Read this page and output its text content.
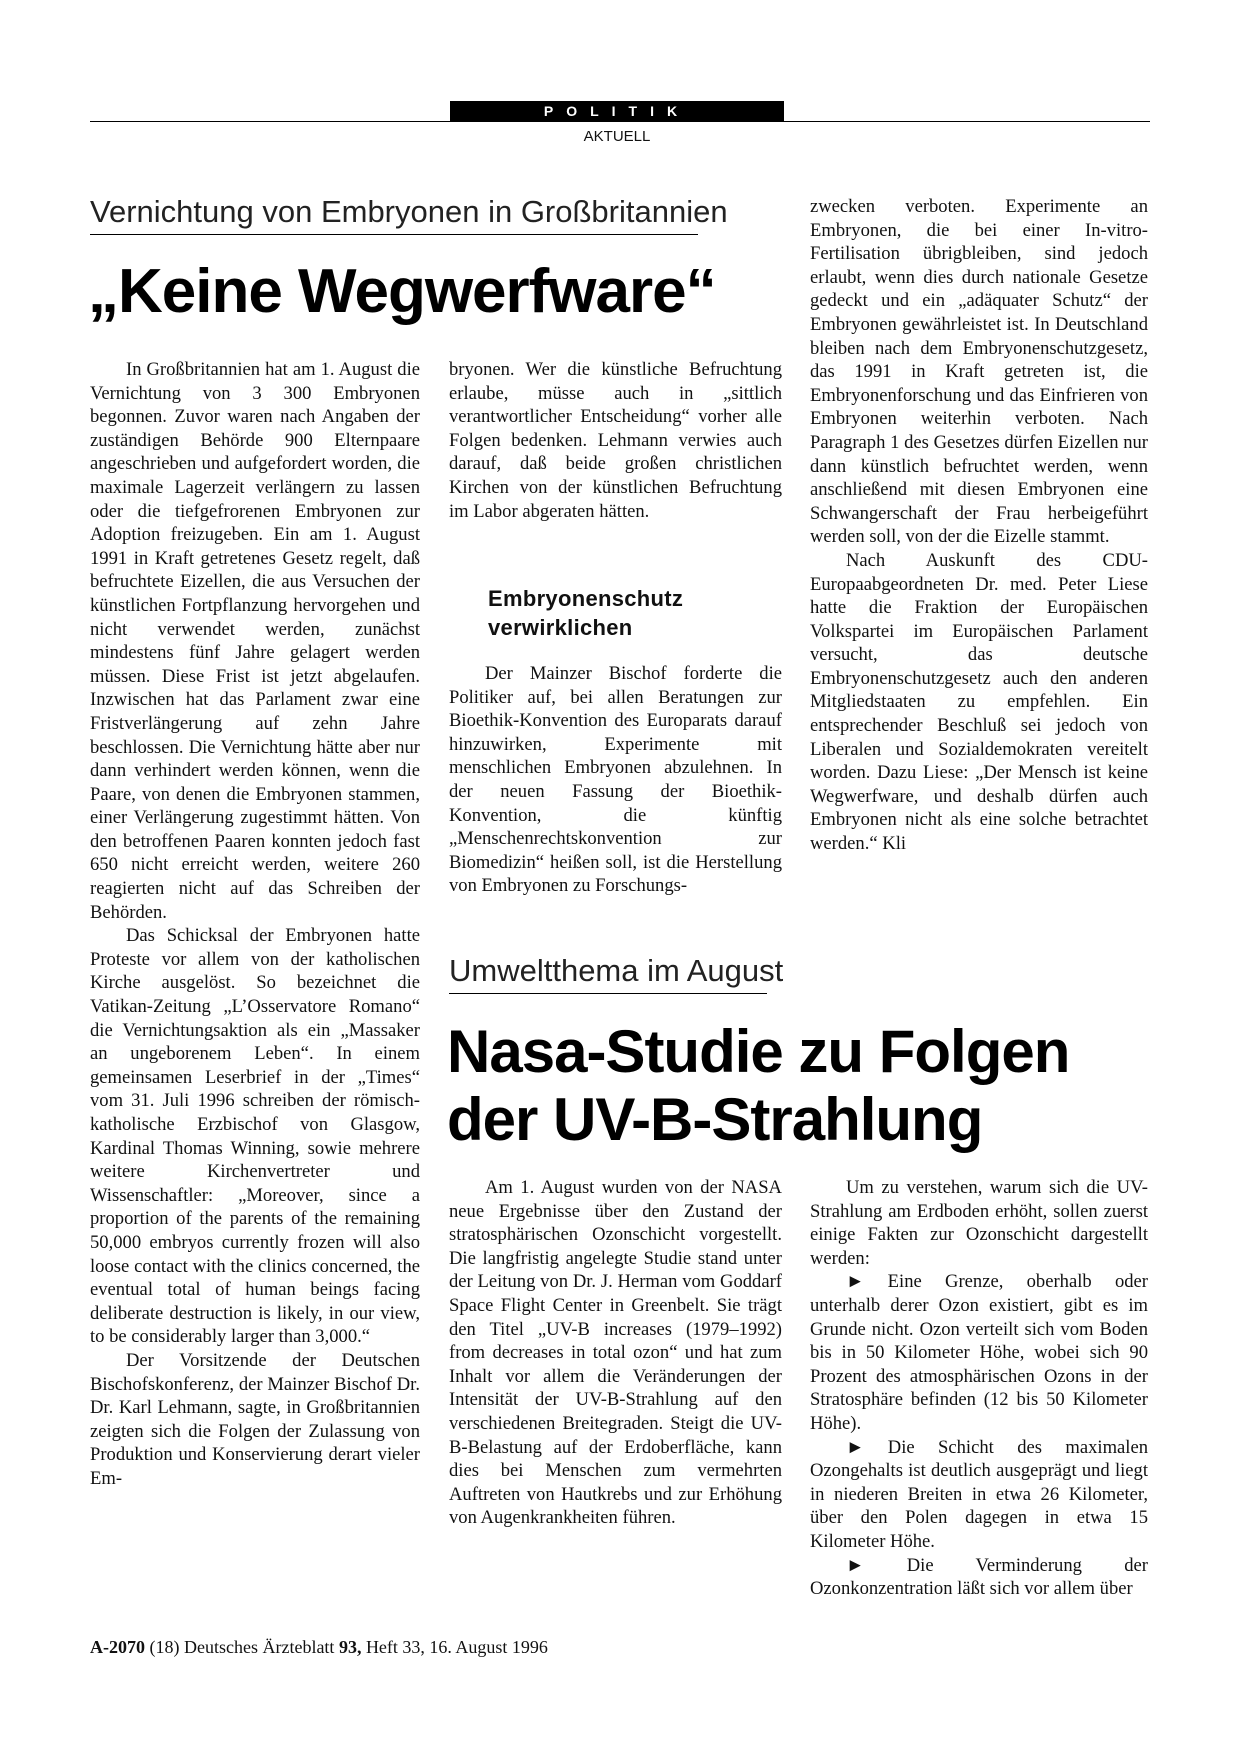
POLITIK
AKTUELL
Vernichtung von Embryonen in Großbritannien
„Keine Wegwerfware“

In Großbritannien hat am 1. August die Vernichtung von 3 300 Embryonen begonnen. Zuvor waren nach Angaben der zuständigen Behörde 900 Elternpaare angeschrieben und aufgefordert worden, die maximale Lagerzeit verlängern zu lassen oder die tiefgefrorenen Embryonen zur Adoption freizugeben. Ein am 1. August 1991 in Kraft getretenes Gesetz regelt, daß befruchtete Eizellen, die aus Versuchen der künstlichen Fortpflanzung hervorgehen und nicht verwendet werden, zunächst mindestens fünf Jahre gelagert werden müssen. Diese Frist ist jetzt abgelaufen. Inzwischen hat das Parlament zwar eine Fristverlängerung auf zehn Jahre beschlossen. Die Vernichtung hätte aber nur dann verhindert werden können, wenn die Paare, von denen die Embryonen stammen, einer Verlängerung zugestimmt hätten. Von den betroffenen Paaren konnten jedoch fast 650 nicht erreicht werden, weitere 260 reagierten nicht auf das Schreiben der Behörden.

Das Schicksal der Embryonen hatte Proteste vor allem von der katholischen Kirche ausgelöst. So bezeichnet die Vatikan-Zeitung „L’Osservatore Romano“ die Vernichtungsaktion als ein „Massaker an ungeborenem Leben“. In einem gemeinsamen Leserbrief in der „Times“ vom 31. Juli 1996 schreiben der römisch-katholische Erzbischof von Glasgow, Kardinal Thomas Winning, sowie mehrere weitere Kirchenvertreter und Wissenschaftler: „Moreover, since a proportion of the parents of the remaining 50,000 embryos currently frozen will also loose contact with the clinics concerned, the eventual total of human beings facing deliberate destruction is likely, in our view, to be considerably larger than 3,000.“

Der Vorsitzende der Deutschen Bischofskonferenz, der Mainzer Bischof Dr. Dr. Karl Lehmann, sagte, in Großbritannien zeigten sich die Folgen der Zulassung von Produktion und Konservierung derart vieler Em-

bryonen. Wer die künstliche Befruchtung erlaube, müsse auch in „sittlich verantwortlicher Entscheidung“ vorher alle Folgen bedenken. Lehmann verwies auch darauf, daß beide großen christlichen Kirchen von der künstlichen Befruchtung im Labor abgeraten hätten.

Embryonenschutz verwirklichen

Der Mainzer Bischof forderte die Politiker auf, bei allen Beratungen zur Bioethik-Konvention des Europarats darauf hinzuwirken, Experimente mit menschlichen Embryonen abzulehnen. In der neuen Fassung der Bioethik-Konvention, die künftig „Menschenrechtskonvention zur Biomedizin“ heißen soll, ist die Herstellung von Embryonen zu Forschungs-

zwecken verboten. Experimente an Embryonen, die bei einer In-vitro-Fertilisation übrigbleiben, sind jedoch erlaubt, wenn dies durch nationale Gesetze gedeckt und ein „adäquater Schutz“ der Embryonen gewährleistet ist. In Deutschland bleiben nach dem Embryonenschutzgesetz, das 1991 in Kraft getreten ist, die Embryonenforschung und das Einfrieren von Embryonen weiterhin verboten. Nach Paragraph 1 des Gesetzes dürfen Eizellen nur dann künstlich befruchtet werden, wenn anschließend mit diesen Embryonen eine Schwangerschaft der Frau herbeigeführt werden soll, von der die Eizelle stammt.

Nach Auskunft des CDU-Europaabgeordneten Dr. med. Peter Liese hatte die Fraktion der Europäischen Volkspartei im Europäischen Parlament versucht, das deutsche Embryonenschutzgesetz auch den anderen Mitgliedstaaten zu empfehlen. Ein entsprechender Beschluß sei jedoch von Liberalen und Sozialdemokraten vereitelt worden. Dazu Liese: „Der Mensch ist keine Wegwerfware, und deshalb dürfen auch Embryonen nicht als eine solche betrachtet werden.“ Kli

Umweltthema im August
Nasa-Studie zu Folgen
der UV-B-Strahlung

Am 1. August wurden von der NASA neue Ergebnisse über den Zustand der stratosphärischen Ozonschicht vorgestellt. Die langfristig angelegte Studie stand unter der Leitung von Dr. J. Herman vom Goddarf Space Flight Center in Greenbelt. Sie trägt den Titel „UV-B increases (1979–1992) from decreases in total ozon“ und hat zum Inhalt vor allem die Veränderungen der Intensität der UV-B-Strahlung auf den verschiedenen Breitegraden. Steigt die UV-B-Belastung auf der Erdoberfläche, kann dies bei Menschen zum vermehrten Auftreten von Hautkrebs und zur Erhöhung von Augenkrankheiten führen.

Um zu verstehen, warum sich die UV-Strahlung am Erdboden erhöht, sollen zuerst einige Fakten zur Ozonschicht dargestellt werden:

► Eine Grenze, oberhalb oder unterhalb derer Ozon existiert, gibt es im Grunde nicht. Ozon verteilt sich vom Boden bis in 50 Kilometer Höhe, wobei sich 90 Prozent des atmosphärischen Ozons in der Stratosphäre befinden (12 bis 50 Kilometer Höhe).

► Die Schicht des maximalen Ozongehalts ist deutlich ausgeprägt und liegt in niederen Breiten in etwa 26 Kilometer, über den Polen dagegen in etwa 15 Kilometer Höhe.

► Die Verminderung der Ozonkonzentration läßt sich vor allem über

A-2070 (18) Deutsches Ärzteblatt 93, Heft 33, 16. August 1996
